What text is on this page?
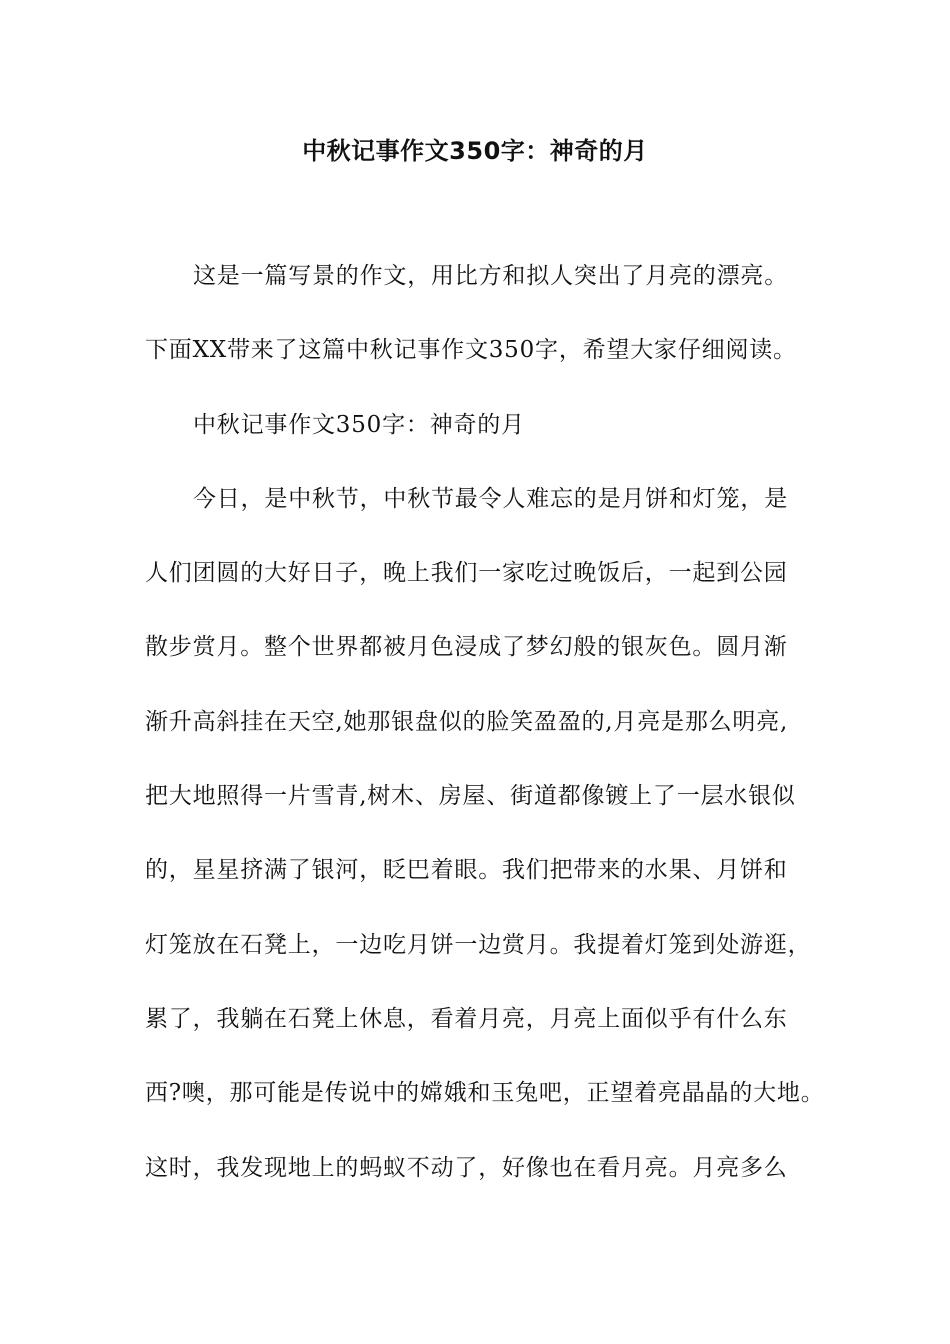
中秋记事作文350字：神奇的月
这是一篇写景的作文，用比方和拟人突出了月亮的漂亮。
下面XX带来了这篇中秋记事作文350字，希望大家仔细阅读。
中秋记事作文350字：神奇的月
今日，是中秋节，中秋节最令人难忘的是月饼和灯笼，是
人们团圆的大好日子，晚上我们一家吃过晚饭后，一起到公园
散步赏月。整个世界都被月色浸成了梦幻般的银灰色。圆月渐
渐升高斜挂在天空,她那银盘似的脸笑盈盈的,月亮是那么明亮,
把大地照得一片雪青,树木、房屋、街道都像镀上了一层水银似
的，星星挤满了银河，眨巴着眼。我们把带来的水果、月饼和
灯笼放在石凳上，一边吃月饼一边赏月。我提着灯笼到处游逛，
累了，我躺在石凳上休息，看着月亮，月亮上面似乎有什么东
西?噢，那可能是传说中的嫦娥和玉兔吧，正望着亮晶晶的大地。
这时，我发现地上的蚂蚁不动了，好像也在看月亮。月亮多么
